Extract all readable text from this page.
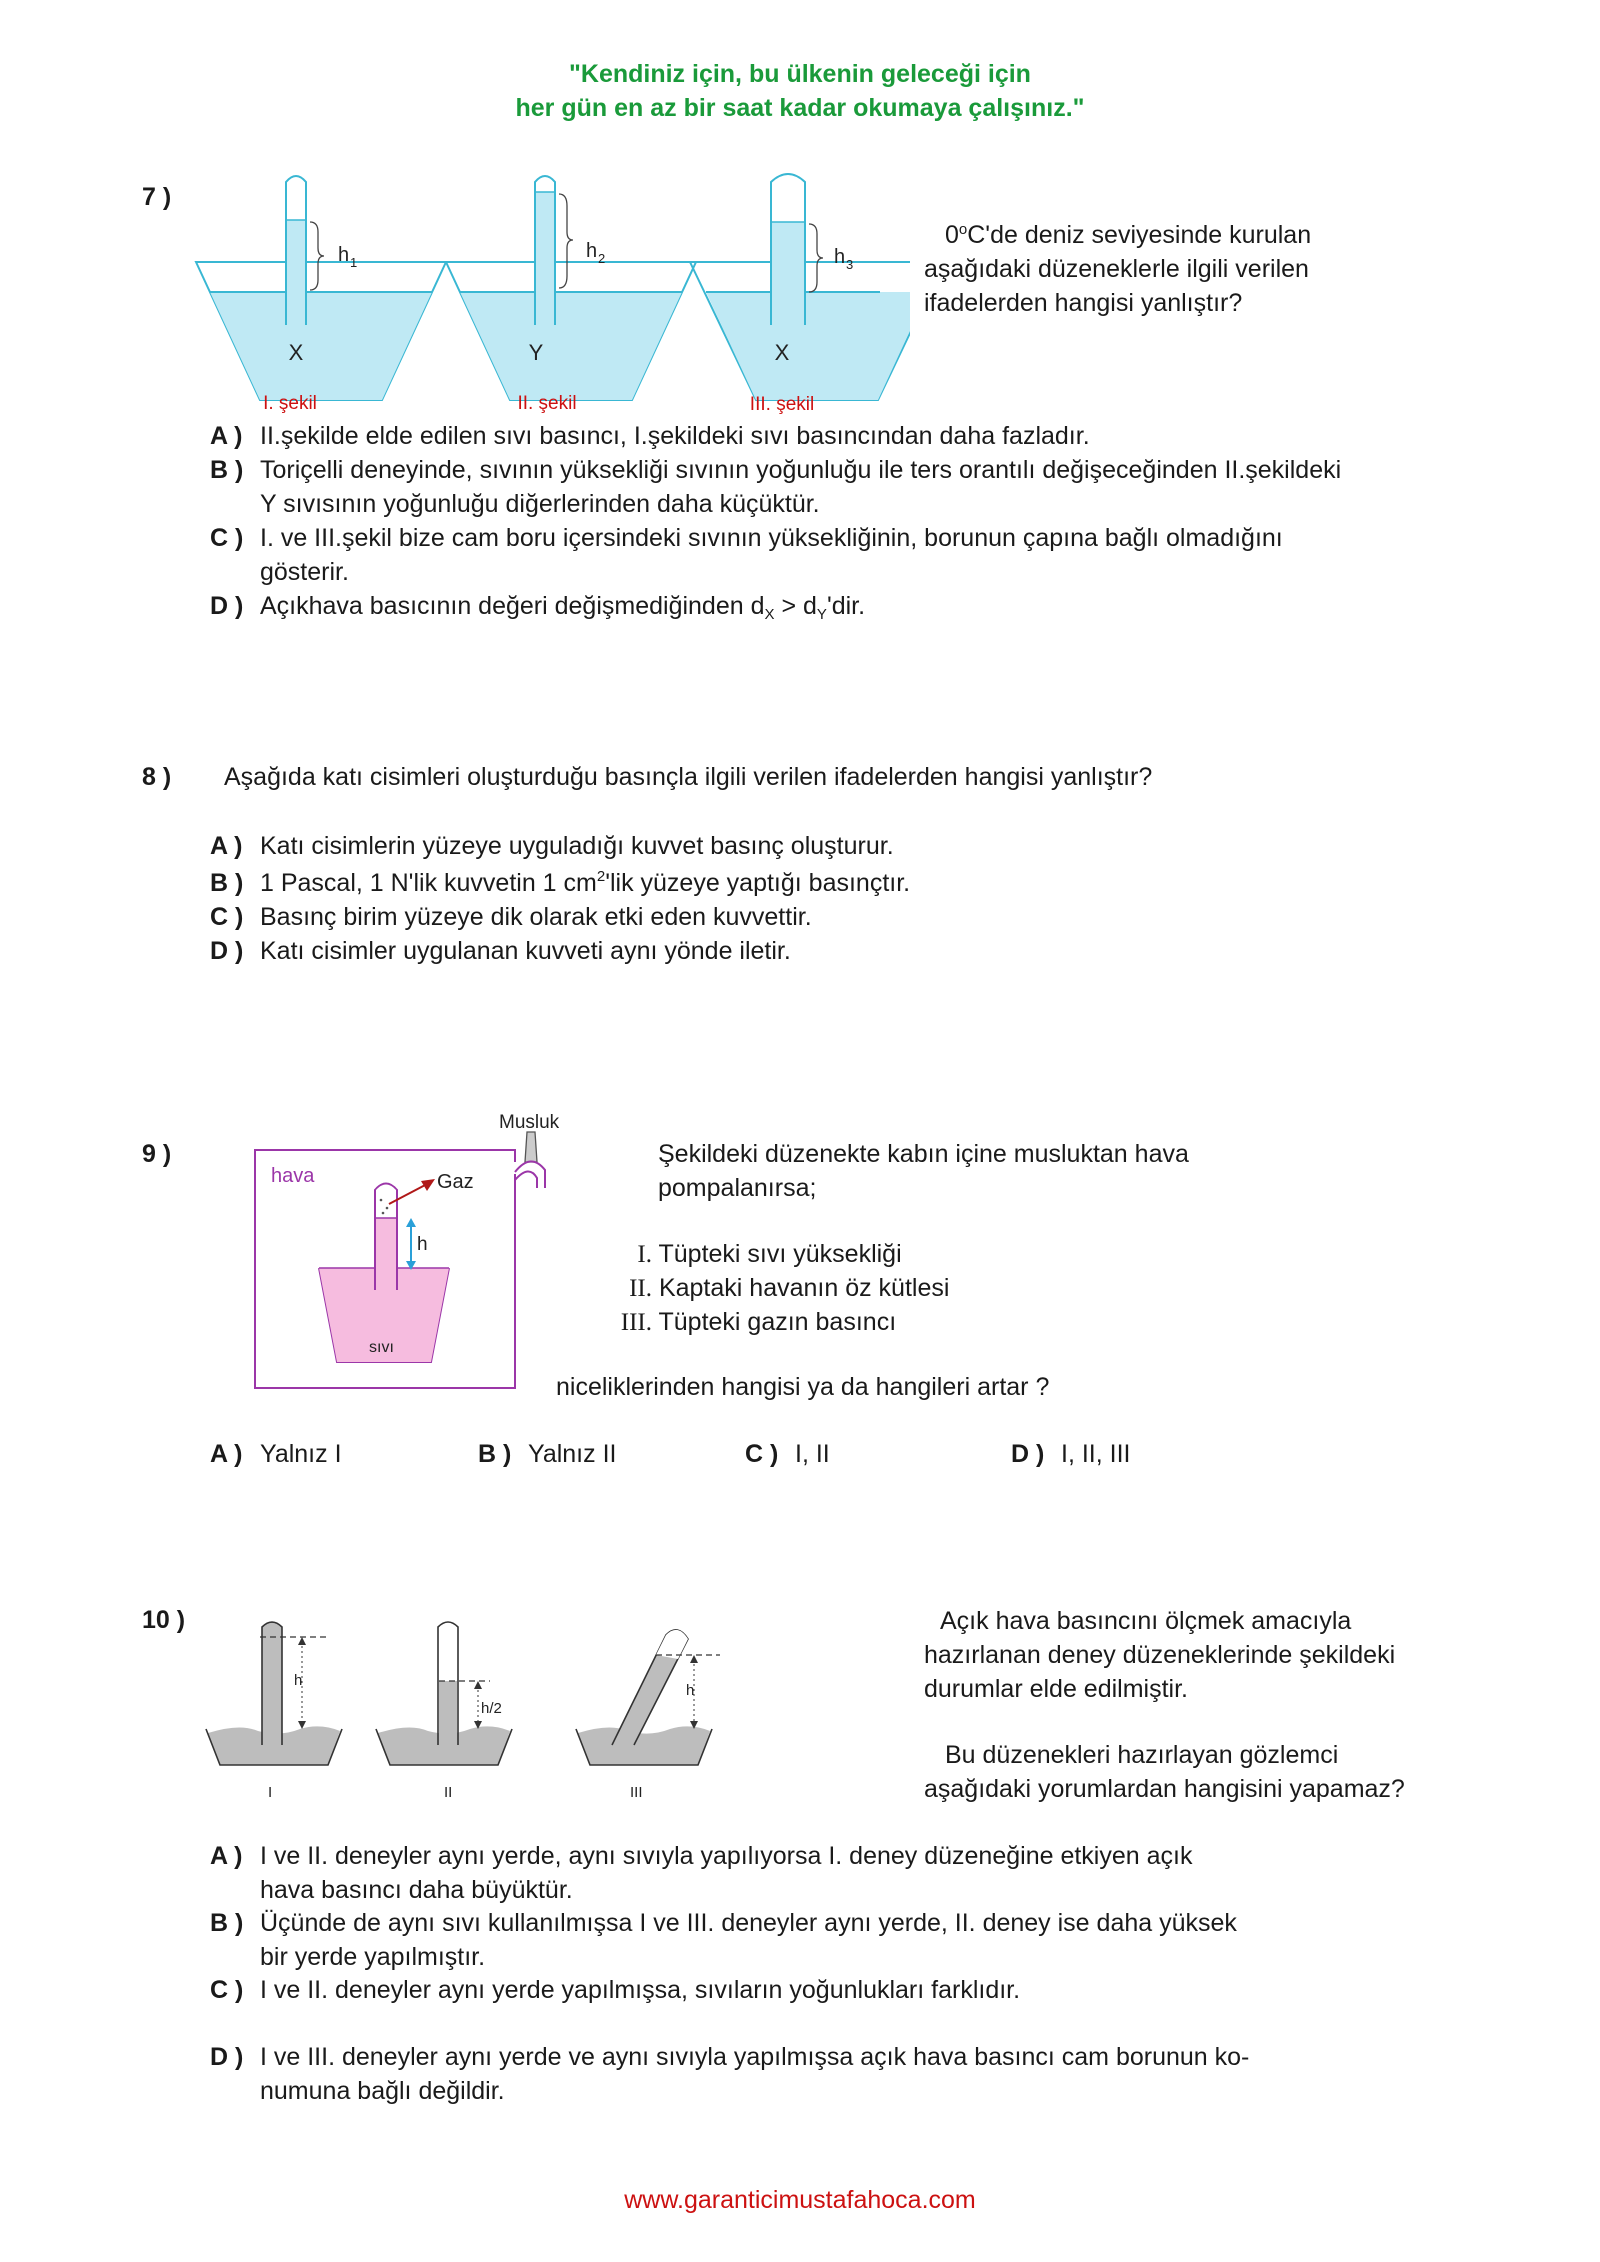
"Kendiniz için, bu ülkenin geleceği için
her gün en az bir saat kadar okumaya çalışınız."
7 )
h 1
X
I. şekil
h 2
Y
II. şekil
h 3
X
III. şekil
0$^o$C'de deniz seviyesinde kurulan
aşağıdaki düzeneklerle ilgili verilen
ifadelerden hangisi yanlıştır?
A ) II.şekilde elde edilen sıvı basıncı, I.şekildeki sıvı basıncından daha fazladır.
B ) Toriçelli deneyinde, sıvının yüksekliği sıvının yoğunluğu ile ters orantılı değişeceğinden II.şekildeki
Y sıvısının yoğunluğu diğerlerinden daha küçüktür.
C ) I. ve III.şekil bize cam boru içersindeki sıvının yüksekliğinin, borunun çapına bağlı olmadığını
gösterir.
D ) Açıkhava basıcının değeri değişmediğinden $d_X > d_Y'dir$.
8 ) Aşağıda katı cisimleri oluşturduğu basınçla ilgili verilen ifadelerden hangisi yanlıştır?
A ) Katı cisimlerin yüzeye uyguladığı kuvvet basınç oluşturur.
B ) 1 Pascal, 1 N'lik kuvvetin 1 $cm^2'lik$ yüzeye yaptığı basınçtır.
C ) Basınç birim yüzeye dik olarak etki eden kuvvettir.
D ) Katı cisimler uygulanan kuvveti aynı yönde iletir.
9 )
Musluk
hava	Gaz
h
sıvı
Şekildeki düzenekte kabın içine musluktan hava
pompalanırsa;
I. Tüpteki sıvı yüksekliği
II. Kaptaki havanın öz kütlesi
III. Tüpteki gazın basıncı
niceliklerinden hangisi ya da hangileri artar ?
A ) Yalnız I	B ) Yalnız II	C ) I, II	D ) I, II, III
10 )
h
I
h/2
II
h
III
Açık hava basıncını ölçmek amacıyla
hazırlanan deney düzeneklerinde şekildeki
durumlar elde edilmiştir.
Bu düzenekleri hazırlayan gözlemci
aşağıdaki yorumlardan hangisini yapamaz?
A ) I ve II. deneyler aynı yerde, aynı sıvıyla yapılıyorsa I. deney düzeneğine etkiyen açık
hava basıncı daha büyüktür.
B ) Üçünde de aynı sıvı kullanılmışsa I ve III. deneyler aynı yerde, II. deney ise daha yüksek
bir yerde yapılmıştır.
C ) I ve II. deneyler aynı yerde yapılmışsa, sıvıların yoğunlukları farklıdır.
D ) I ve III. deneyler aynı yerde ve aynı sıvıyla yapılmışsa açık hava basıncı cam borunun ko-
numuna bağlı değildir.
www.garanticimustafahoca.com
